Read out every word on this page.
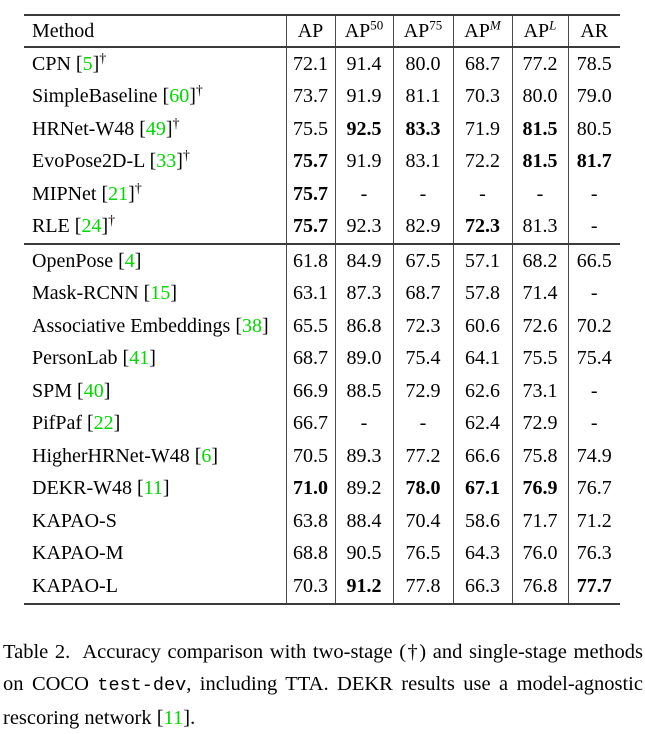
Method	AP	AP$^{50}$	AP$^{75}$	$AP^M$	$AP^L$	AR
CPN [5]†	72.1	91.4	80.0	68.7	77.2	78.5
SimpleBaseline [60]†	73.7	91.9	81.1	70.3	80.0	79.0
HRNet-W48 [49]†	75.5	92.5	83.3	71.9	81.5	80.5
EvoPose2D-L [33]†	75.7	91.9	83.1	72.2	81.5	81.7
MIPNet [21]†	75.7	-	-	-	-	-
RLE [24]†	75.7	92.3	82.9	72.3	81.3	-
OpenPose [4]	61.8	84.9	67.5	57.1	68.2	66.5
Mask-RCNN [15]	63.1	87.3	68.7	57.8	71.4	-
Associative Embeddings [38]	65.5	86.8	72.3	60.6	72.6	70.2
PersonLab [41]	68.7	89.0	75.4	64.1	75.5	75.4
SPM [40]	66.9	88.5	72.9	62.6	73.1	-
PifPaf [22]	66.7	-	-	62.4	72.9	-
HigherHRNet-W48 [6]	70.5	89.3	77.2	66.6	75.8	74.9
DEKR-W48 [11]	71.0	89.2	78.0	67.1	76.9	76.7
KAPAO-S	63.8	88.4	70.4	58.6	71.7	71.2
KAPAO-M	68.8	90.5	76.5	64.3	76.0	76.3
KAPAO-L	70.3	91.2	77.8	66.3	76.8	77.7

Table 2.  Accuracy comparison with two-stage (†) and single-stage methods on COCO test-dev, including TTA. DEKR results use a model-agnostic rescoring network [11].
